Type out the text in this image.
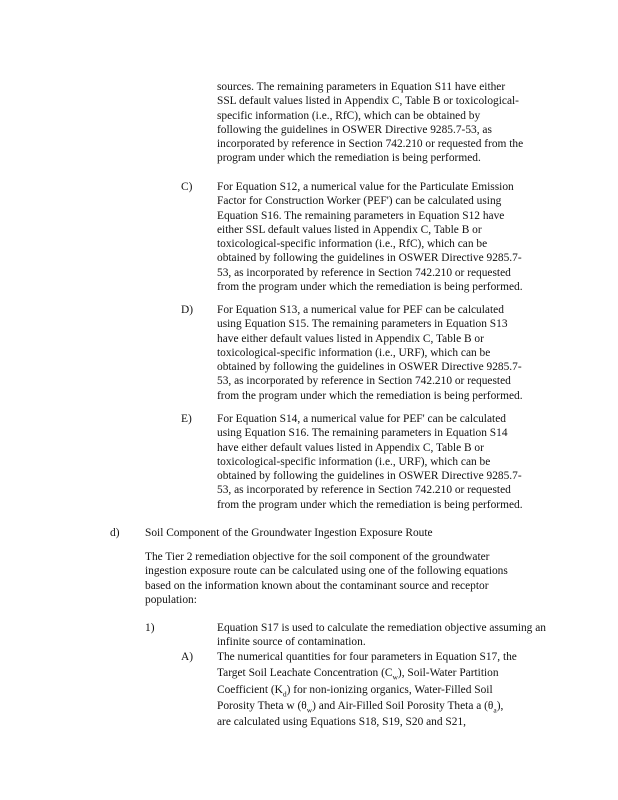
sources. The remaining parameters in Equation S11 have either
SSL default values listed in Appendix C, Table B or toxicological-
specific information (i.e., RfC), which can be obtained by
following the guidelines in OSWER Directive 9285.7-53, as
incorporated by reference in Section 742.210 or requested from the
program under which the remediation is being performed.
C) For Equation S12, a numerical value for the Particulate Emission
Factor for Construction Worker (PEF') can be calculated using
Equation S16. The remaining parameters in Equation S12 have
either SSL default values listed in Appendix C, Table B or
toxicological-specific information (i.e., RfC), which can be
obtained by following the guidelines in OSWER Directive 9285.7-
53, as incorporated by reference in Section 742.210 or requested
from the program under which the remediation is being performed.
D) For Equation S13, a numerical value for PEF can be calculated
using Equation S15. The remaining parameters in Equation S13
have either default values listed in Appendix C, Table B or
toxicological-specific information (i.e., URF), which can be
obtained by following the guidelines in OSWER Directive 9285.7-
53, as incorporated by reference in Section 742.210 or requested
from the program under which the remediation is being performed.
E) For Equation S14, a numerical value for PEF' can be calculated
using Equation S16. The remaining parameters in Equation S14
have either default values listed in Appendix C, Table B or
toxicological-specific information (i.e., URF), which can be
obtained by following the guidelines in OSWER Directive 9285.7-
53, as incorporated by reference in Section 742.210 or requested
from the program under which the remediation is being performed.
d) Soil Component of the Groundwater Ingestion Exposure Route
The Tier 2 remediation objective for the soil component of the groundwater
ingestion exposure route can be calculated using one of the following equations
based on the information known about the contaminant source and receptor
population:
1)	Equation S17 is used to calculate the remediation objective assuming an
infinite source of contamination.
A) The numerical quantities for four parameters in Equation S17, the
Target Soil Leachate Concentration $(C_w)$, Soil-Water Partition
Coefficient $(K_d)$ for non-ionizing organics, Water-Filled Soil
Porosity Theta w $(\theta_w)$ and Air-Filled Soil Porosity Theta a $(\theta_a)$,
are calculated using Equations S18, S19, S20 and S21,
